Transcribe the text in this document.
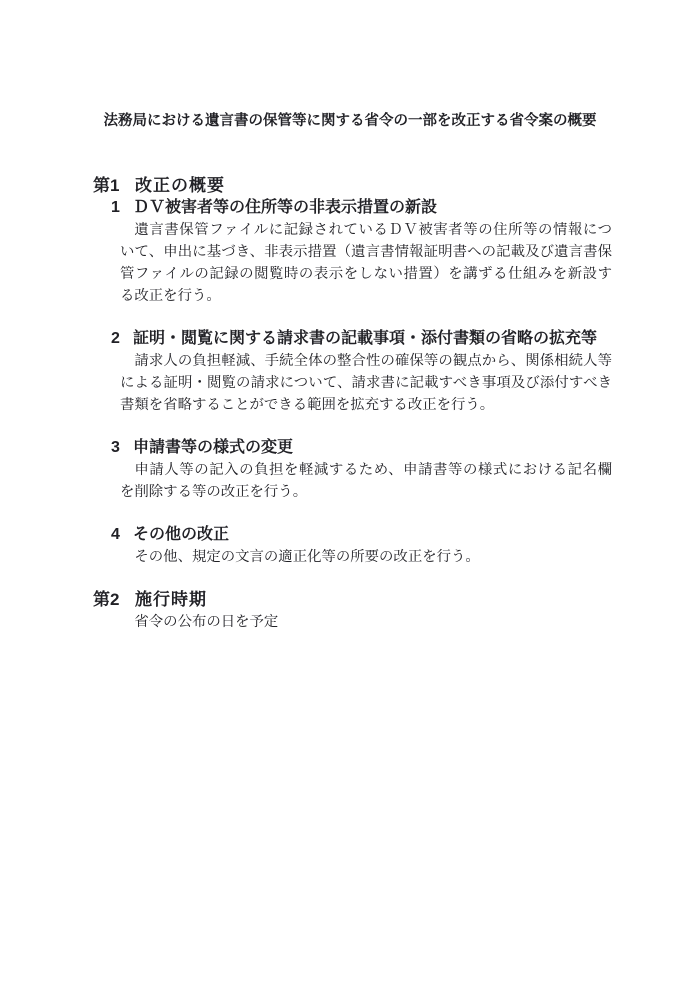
法務局における遺言書の保管等に関する省令の一部を改正する省令案の概要
第1 改正の概要
1 ＤＶ被害者等の住所等の非表示措置の新設
遺言書保管ファイルに記録されているＤＶ被害者等の住所等の情報につ
いて、申出に基づき、非表示措置（遺言書情報証明書への記載及び遺言書保
管ファイルの記録の閲覧時の表示をしない措置）を講ずる仕組みを新設す
る改正を行う。
2 証明・閲覧に関する請求書の記載事項・添付書類の省略の拡充等
請求人の負担軽減、手続全体の整合性の確保等の観点から、関係相続人等
による証明・閲覧の請求について、請求書に記載すべき事項及び添付すべき
書類を省略することができる範囲を拡充する改正を行う。
3 申請書等の様式の変更
申請人等の記入の負担を軽減するため、申請書等の様式における記名欄
を削除する等の改正を行う。
4 その他の改正
その他、規定の文言の適正化等の所要の改正を行う。
第2 施行時期
省令の公布の日を予定
